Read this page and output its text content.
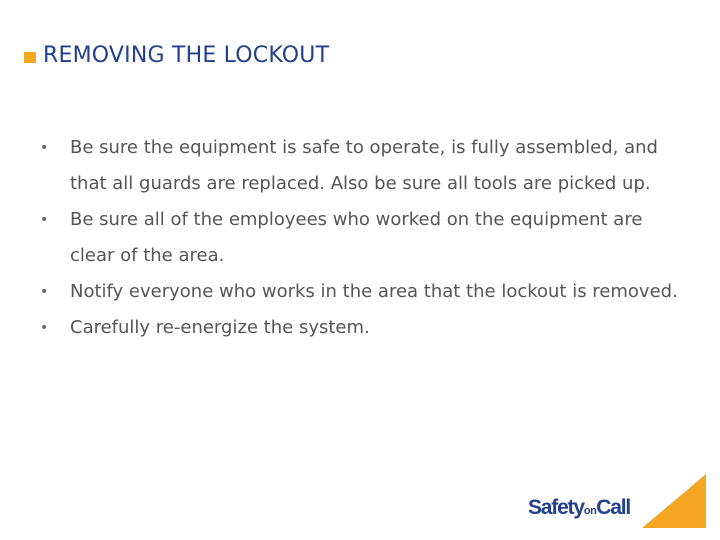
REMOVING THE LOCKOUT
• Be sure the equipment is safe to operate, is fully assembled, and that all guards are replaced. Also be sure all tools are picked up.
• Be sure all of the employees who worked on the equipment are clear of the area.
• Notify everyone who works in the area that the lockout is removed.
• Carefully re-energize the system.
SafetyonCall
